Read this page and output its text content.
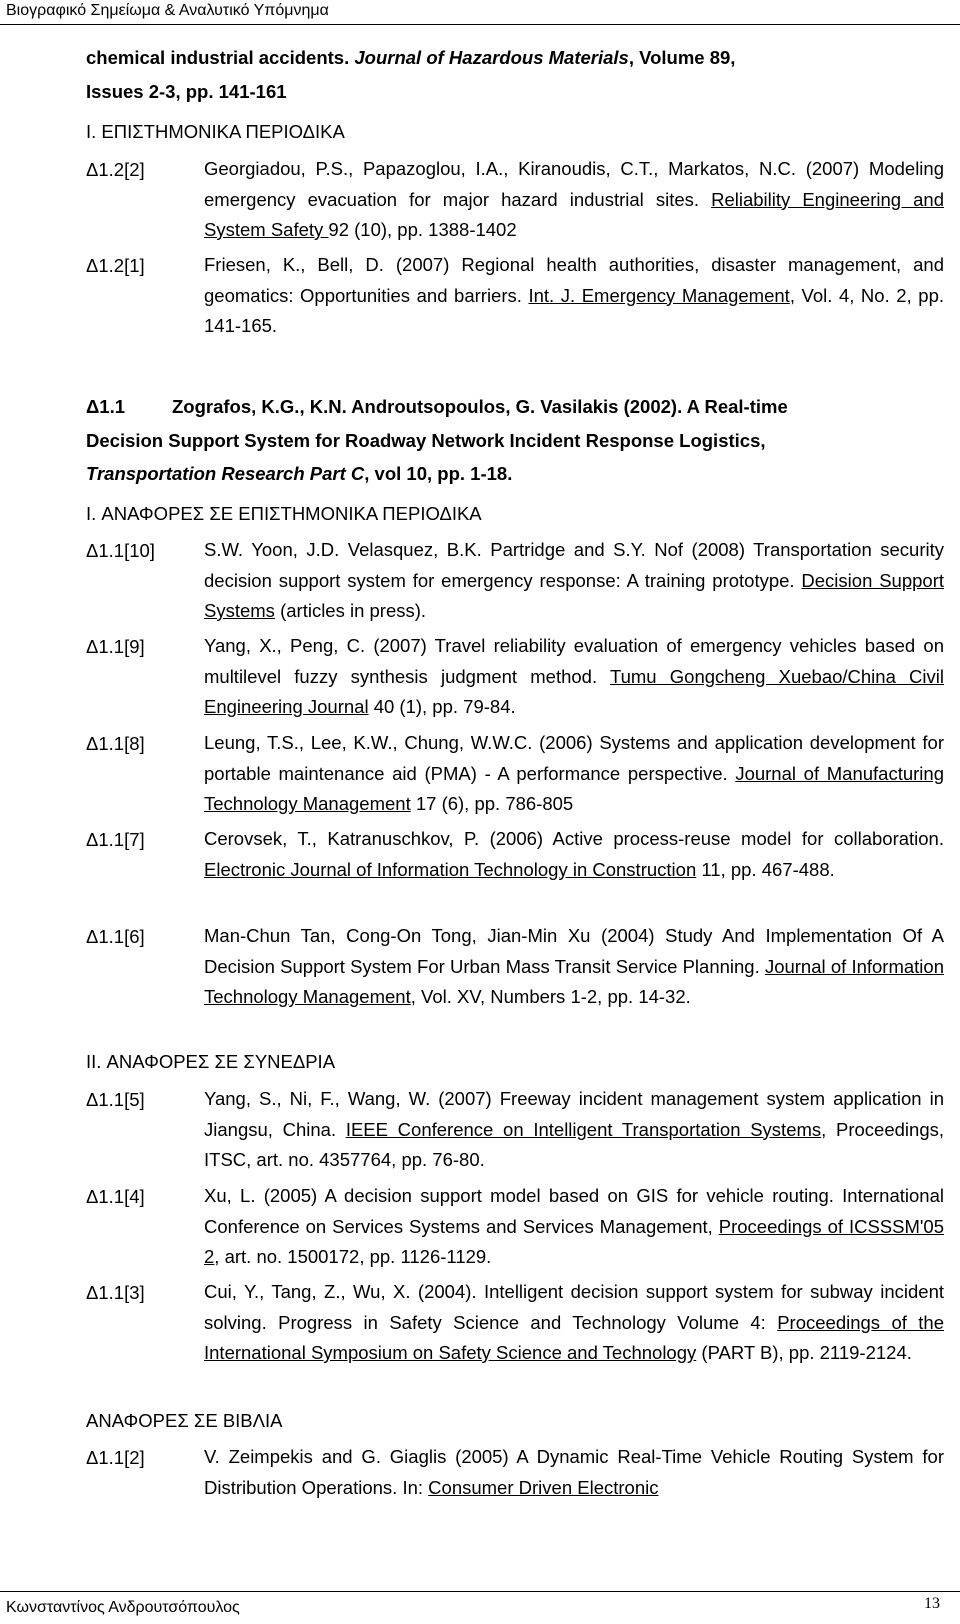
Βιογραφικό Σημείωμα & Αναλυτικό Υπόμνημα
chemical industrial accidents. Journal of Hazardous Materials, Volume 89,
Issues 2-3, pp. 141-161
I. ΕΠΙΣΤΗΜΟΝΙΚΑ ΠΕΡΙΟΔΙΚΑ
Δ1.2[2]	Georgiadou, P.S., Papazoglou, I.A., Kiranoudis, C.T., Markatos, N.C. (2007) Modeling emergency evacuation for major hazard industrial sites. Reliability Engineering and System Safety 92 (10), pp. 1388-1402
Δ1.2[1]	Friesen, K., Bell, D. (2007) Regional health authorities, disaster management, and geomatics: Opportunities and barriers. Int. J. Emergency Management, Vol. 4, No. 2, pp. 141-165.
Δ1.1	Zografos, K.G., K.N. Androutsopoulos, G. Vasilakis (2002). A Real-time
Decision Support System for Roadway Network Incident Response Logistics,
Transportation Research Part C, vol 10, pp. 1-18.
I. ΑΝΑΦΟΡΕΣ ΣΕ ΕΠΙΣΤΗΜΟΝΙΚΑ ΠΕΡΙΟΔΙΚΑ
Δ1.1[10]	S.W. Yoon, J.D. Velasquez, B.K. Partridge and S.Y. Nof (2008) Transportation security decision support system for emergency response: A training prototype. Decision Support Systems (articles in press).
Δ1.1[9]	Yang, X., Peng, C. (2007) Travel reliability evaluation of emergency vehicles based on multilevel fuzzy synthesis judgment method. Tumu Gongcheng Xuebao/China Civil Engineering Journal 40 (1), pp. 79-84.
Δ1.1[8]	Leung, T.S., Lee, K.W., Chung, W.W.C. (2006) Systems and application development for portable maintenance aid (PMA) - A performance perspective. Journal of Manufacturing Technology Management 17 (6), pp. 786-805
Δ1.1[7]	Cerovsek, T., Katranuschkov, P. (2006) Active process-reuse model for collaboration. Electronic Journal of Information Technology in Construction 11, pp. 467-488.
Δ1.1[6]	Man-Chun Tan, Cong-On Tong, Jian-Min Xu (2004) Study And Implementation Of A Decision Support System For Urban Mass Transit Service Planning. Journal of Information Technology Management, Vol. XV, Numbers 1-2, pp. 14-32.
II. ΑΝΑΦΟΡΕΣ ΣΕ ΣΥΝΕΔΡΙΑ
Δ1.1[5]	Yang, S., Ni, F., Wang, W. (2007) Freeway incident management system application in Jiangsu, China. IEEE Conference on Intelligent Transportation Systems, Proceedings, ITSC, art. no. 4357764, pp. 76-80.
Δ1.1[4]	Xu, L. (2005) A decision support model based on GIS for vehicle routing. International Conference on Services Systems and Services Management, Proceedings of ICSSSM'05 2, art. no. 1500172, pp. 1126-1129.
Δ1.1[3]	Cui, Y., Tang, Z., Wu, X. (2004). Intelligent decision support system for subway incident solving. Progress in Safety Science and Technology Volume 4: Proceedings of the International Symposium on Safety Science and Technology (PART B), pp. 2119-2124.
ΑΝΑΦΟΡΕΣ ΣΕ ΒΙΒΛΙΑ
Δ1.1[2]	V. Zeimpekis and G. Giaglis (2005) A Dynamic Real-Time Vehicle Routing System for Distribution Operations. In: Consumer Driven Electronic
Κωνσταντίνος Ανδρουτσόπουλος	13
